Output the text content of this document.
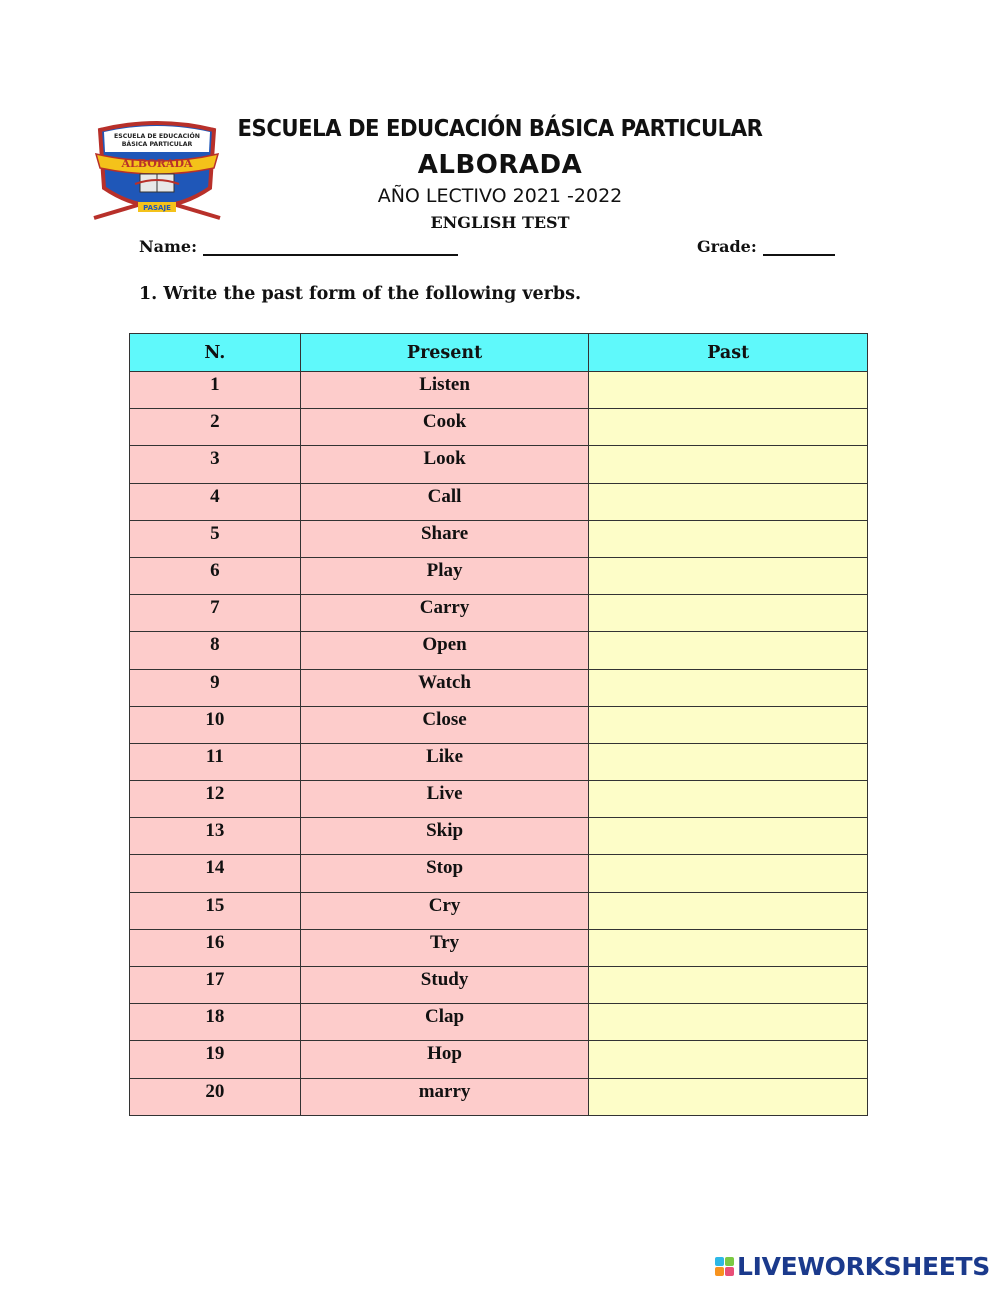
ESCUELA DE EDUCACIÓN
BÁSICA PARTICULAR
ALBORADA
PASAJE
ESCUELA DE EDUCACIÓN BÁSICA PARTICULAR
ALBORADA
AÑO LECTIVO 2021 -2022
ENGLISH TEST
Name:	Grade:
1. Write the past form of the following verbs.
N.	Present	Past
1	Listen	
2	Cook	
3	Look	
4	Call	
5	Share	
6	Play	
7	Carry	
8	Open	
9	Watch	
10	Close	
11	Like	
12	Live	
13	Skip	
14	Stop	
15	Cry	
16	Try	
17	Study	
18	Clap	
19	Hop	
20	marry	
LIVEWORKSHEETS
